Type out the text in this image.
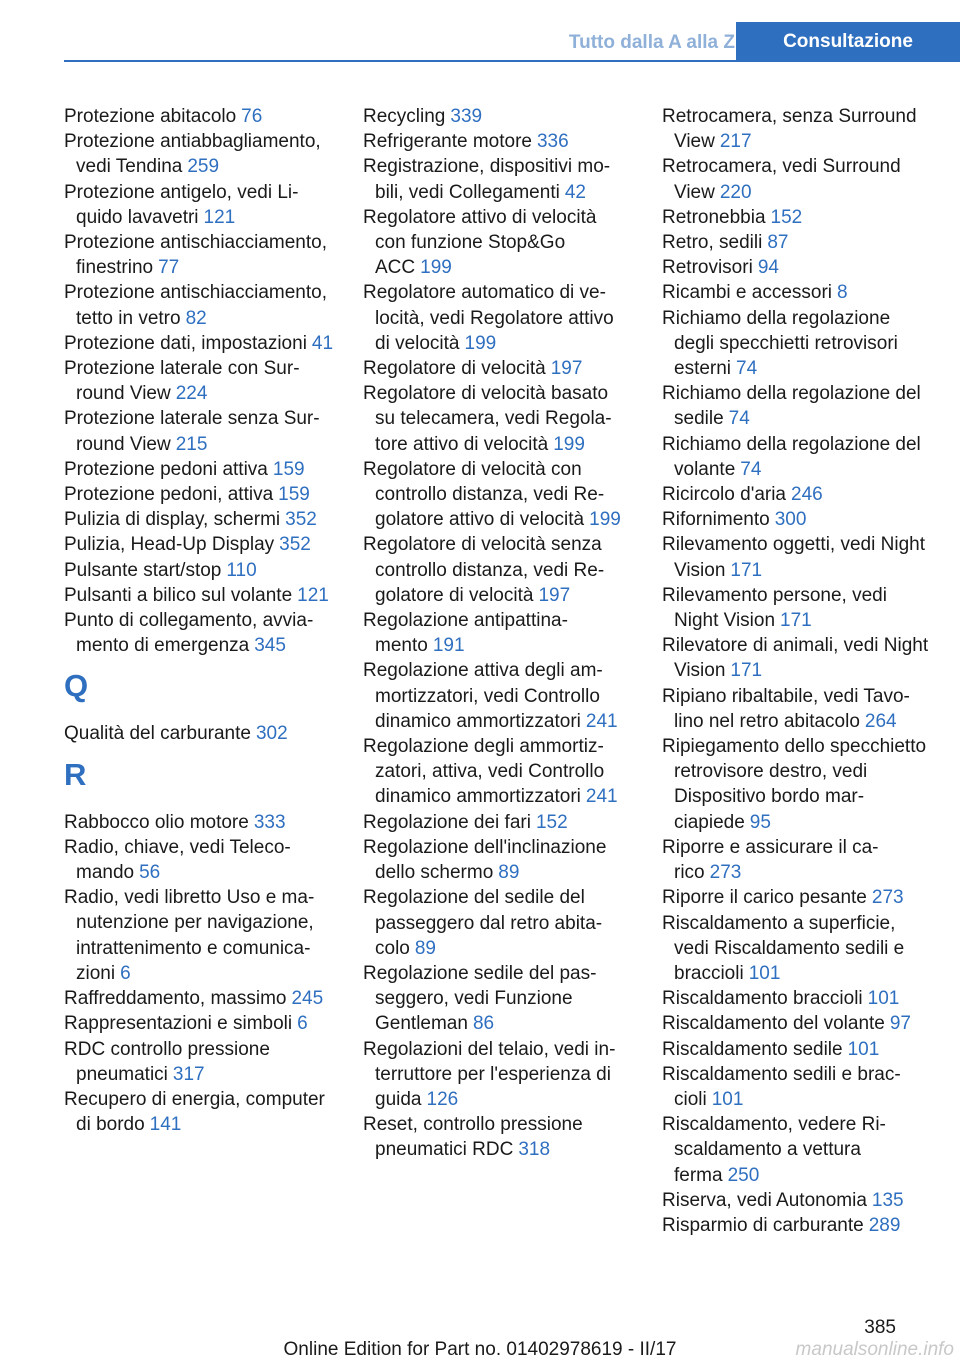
Tutto dalla A alla Z	Consultazione
Protezione abitacolo 76
Protezione antiabbagliamento, vedi Tendina 259
Protezione antigelo, vedi Liquido lavavetri 121
Protezione antischiacciamento, finestrino 77
Protezione antischiacciamento, tetto in vetro 82
Protezione dati, impostazioni 41
Protezione laterale con Surround View 224
Protezione laterale senza Surround View 215
Protezione pedoni attiva 159
Protezione pedoni, attiva 159
Pulizia di display, schermi 352
Pulizia, Head-Up Display 352
Pulsante start/stop 110
Pulsanti a bilico sul volante 121
Punto di collegamento, avviamento di emergenza 345
Q
Qualità del carburante 302
R
Rabbocco olio motore 333
Radio, chiave, vedi Telecomando 56
Radio, vedi libretto Uso e manutenzione per navigazione, intrattenimento e comunicazioni 6
Raffreddamento, massimo 245
Rappresentazioni e simboli 6
RDC controllo pressione pneumatici 317
Recupero di energia, computer di bordo 141
Recycling 339
Refrigerante motore 336
Registrazione, dispositivi mobili, vedi Collegamenti 42
Regolatore attivo di velocità con funzione Stop&Go ACC 199
Regolatore automatico di velocità, vedi Regolatore attivo di velocità 199
Regolatore di velocità 197
Regolatore di velocità basato su telecamera, vedi Regolatore attivo di velocità 199
Regolatore di velocità con controllo distanza, vedi Regolatore attivo di velocità 199
Regolatore di velocità senza controllo distanza, vedi Regolatore di velocità 197
Regolazione antipattinamento 191
Regolazione attiva degli ammortizzatori, vedi Controllo dinamico ammortizzatori 241
Regolazione degli ammortizzatori, attiva, vedi Controllo dinamico ammortizzatori 241
Regolazione dei fari 152
Regolazione dell'inclinazione dello schermo 89
Regolazione del sedile del passeggero dal retro abitacolo 89
Regolazione sedile del passeggero, vedi Funzione Gentleman 86
Regolazioni del telaio, vedi interruttore per l'esperienza di guida 126
Reset, controllo pressione pneumatici RDC 318
Retrocamera, senza Surround View 217
Retrocamera, vedi Surround View 220
Retronebbia 152
Retro, sedili 87
Retrovisori 94
Ricambi e accessori 8
Richiamo della regolazione degli specchietti retrovisori esterni 74
Richiamo della regolazione del sedile 74
Richiamo della regolazione del volante 74
Ricircolo d'aria 246
Rifornimento 300
Rilevamento oggetti, vedi Night Vision 171
Rilevamento persone, vedi Night Vision 171
Rilevatore di animali, vedi Night Vision 171
Ripiano ribaltabile, vedi Tavolino nel retro abitacolo 264
Ripiegamento dello specchietto retrovisore destro, vedi Dispositivo bordo marciapiede 95
Riporre e assicurare il carico 273
Riporre il carico pesante 273
Riscaldamento a superficie, vedi Riscaldamento sedili e braccioli 101
Riscaldamento braccioli 101
Riscaldamento del volante 97
Riscaldamento sedile 101
Riscaldamento sedili e braccioli 101
Riscaldamento, vedere Riscaldamento a vettura ferma 250
Riserva, vedi Autonomia 135
Risparmio di carburante 289
385
Online Edition for Part no. 01402978619 - II/17	manualsonline.info
